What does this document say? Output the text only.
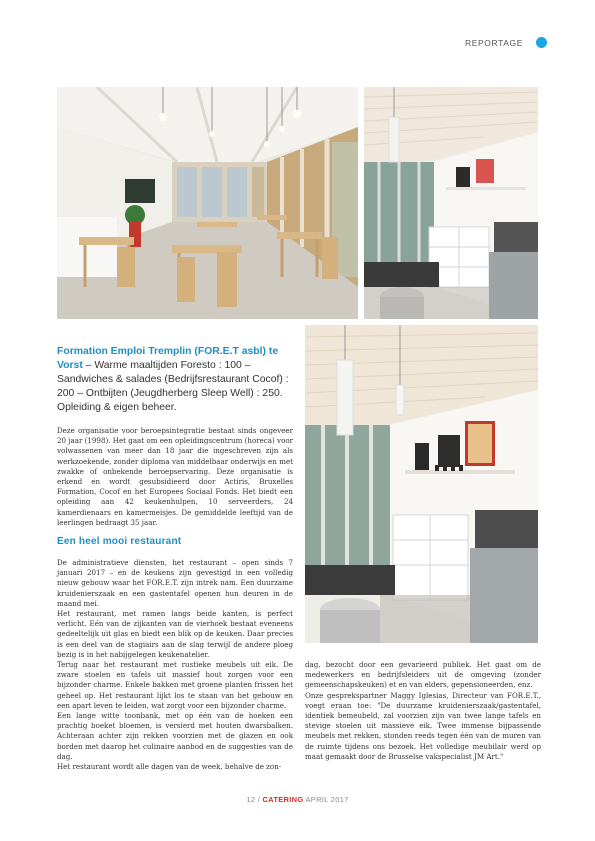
REPORTAGE
Formation Emploi Tremplin (FOR.E.T asbl) te Vorst – Warme maaltijden Foresto : 100 – Sandwiches & salades (Bedrijfsrestaurant Cocof) : 200 – Ontbijten (Jeugdherberg Sleep Well) : 250. Opleiding & eigen beheer.

Deze organisatie voor beroepsintegratie bestaat sinds ongeveer 20 jaar (1998). Het gaat om een opleidingscentrum (horeca) voor volwassenen van meer dan 18 jaar die ingeschreven zijn als werkzoekende, zonder diploma van middelbaar onderwijs en met zwakke of onbekende beroepservaring. Deze organisatie is erkend en wordt gesubsidieerd door Actiris, Bruxelles Formation, Cocof en het Europees Sociaal Fonds. Het biedt een opleiding aan 42 keukenhulpen, 10 serveerders, 24 kamerdienaars en kamermeisjes. De gemiddelde leeftijd van de leerlingen bedraagt 35 jaar.

Een heel mooi restaurant

De administratieve diensten, het restaurant – open sinds 7 januari 2017 – en de keukens zijn gevestigd in een volledig nieuw gebouw waar het FOR.E.T. zijn intrek nam. Een duurzame kruidenierszaak en een gastentafel openen hun deuren in de maand mei.

Het restaurant, met ramen langs beide kanten, is perfect verlicht. Eén van de zijkanten van de vierhoek bestaat eveneens gedeeltelijk uit glas en biedt een blik op de keuken. Daar precies is een deel van de stagiairs aan de slag terwijl de andere ploeg bezig is in het nabijgelegen keukenatelier.

Terug naar het restaurant met rustieke meubels uit eik. De zware stoelen en tafels uit massief hout zorgen voor een bijzonder charme. Enkele bakken met groene planten frissen het geheel op. Het restaurant lijkt los te staan van het gebouw en een apart leven te leiden, wat zorgt voor een bijzonder charme.

Een lange witte toonbank, met op één van de hoeken een prachtig boeket bloemen, is versierd met houten dwarsbalken. Achteraan achter zijn rekken voorzien met de glazen en ook borden met daarop het culinaire aanbod en de suggesties van de dag.

Het restaurant wordt alle dagen van de week, behalve de zon-

dag, bezocht door een gevarieerd publiek. Het gaat om de medewerkers en bedrijfsleiders uit de omgeving (zonder gemeenschapskeuken) et en van elders, gepensioneerden, enz.

Onze gesprekspartner Maggy Iglesias, Directeur van FOR.E.T., voegt eraan toe: "De duurzame kruidenierszaak/gastentafel, identiek bemeubeld, zal voorzien zijn van twee lange tafels en stevige stoelen uit massieve eik. Twee immense bijpassende meubels met rekken, stonden reeds tegen één van de muren van de ruimte tijdens ons bezoek. Het volledige meubilair werd op maat gemaakt door de Brusselse vakspecialist JM Art."

12 / CATERING APRIL 2017
